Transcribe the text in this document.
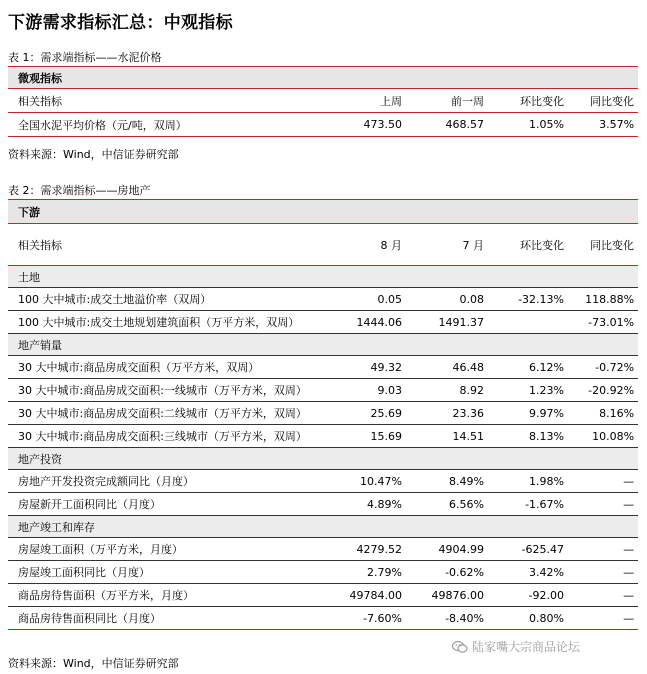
下游需求指标汇总：中观指标
表 1：需求端指标——水泥价格
微观指标				
相关指标	上周	前一周	环比变化	同比变化
全国水泥平均价格（元/吨，双周）	473.50	468.57	1.05%	3.57%
资料来源：Wind，中信证券研究部
表 2：需求端指标——房地产
下游				
相关指标	8 月	7 月	环比变化	同比变化
土地				
100 大中城市:成交土地溢价率（双周）	0.05	0.08	-32.13%	118.88%
100 大中城市:成交土地规划建筑面积（万平方米，双周）	1444.06	1491.37		-73.01%
地产销量				
30 大中城市:商品房成交面积（万平方米，双周）	49.32	46.48	6.12%	-0.72%
30 大中城市:商品房成交面积:一线城市（万平方米，双周）	9.03	8.92	1.23%	-20.92%
30 大中城市:商品房成交面积:二线城市（万平方米，双周）	25.69	23.36	9.97%	8.16%
30 大中城市:商品房成交面积:三线城市（万平方米，双周）	15.69	14.51	8.13%	10.08%
地产投资				
房地产开发投资完成额同比（月度）	10.47%	8.49%	1.98%	—
房屋新开工面积同比（月度）	4.89%	6.56%	-1.67%	—
地产竣工和库存				
房屋竣工面积（万平方米，月度）	4279.52	4904.99	-625.47	—
房屋竣工面积同比（月度）	2.79%	-0.62%	3.42%	—
商品房待售面积（万平方米，月度）	49784.00	49876.00	-92.00	—
商品房待售面积同比（月度）	-7.60%	-8.40%	0.80%	—
资料来源：Wind，中信证券研究部
陆家嘴大宗商品论坛
